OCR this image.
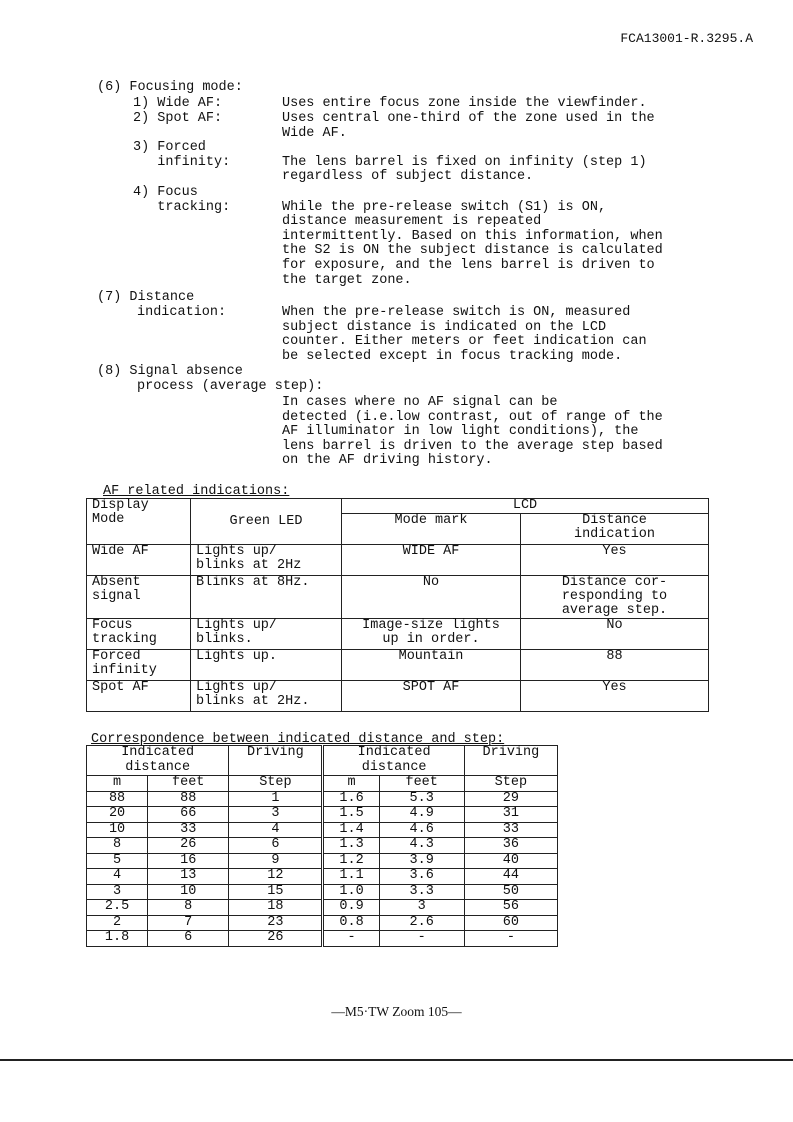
FCA13001-R.3295.A
(6) Focusing mode:
1) Wide AF:	Uses entire focus zone inside the viewfinder.
2) Spot AF:	Uses central one-third of the zone used in the
Wide AF.
3) Forced
infinity:	The lens barrel is fixed on infinity (step 1)
regardless of subject distance.
4) Focus
tracking:	While the pre-release switch (S1) is ON,
distance measurement is repeated
intermittently. Based on this information, when
the S2 is ON the subject distance is calculated
for exposure, and the lens barrel is driven to
the target zone.
(7) Distance
indication:	When the pre-release switch is ON, measured
subject distance is indicated on the LCD
counter. Either meters or feet indication can
be selected except in focus tracking mode.
(8) Signal absence
process (average step):
In cases where no AF signal can be
detected (i.e.low contrast, out of range of the
AF illuminator in low light conditions), the
lens barrel is driven to the average step based
on the AF driving history.
AF related indications:
Display
Mode	Green LED	LCD	
		Mode mark	Distance
indication
Wide AF	Lights up/
blinks at 2Hz	WIDE AF	Yes
Absent
signal	Blinks at 8Hz.	No	Distance cor-
responding to
average step.
Focus
tracking	Lights up/
blinks.	Image-size lights
up in order.	No
Forced
infinity	Lights up.	Mountain	88
Spot AF	Lights up/
blinks at 2Hz.	SPOT AF	Yes
Correspondence between indicated distance and step:
Indicated
distance		Driving	Indicated
distance		Driving
m	feet	Step	m	feet	Step
88	88	1	1.6	5.3	29
20	66	3	1.5	4.9	31
10	33	4	1.4	4.6	33
8	26	6	1.3	4.3	36
5	16	9	1.2	3.9	40
4	13	12	1.1	3.6	44
3	10	15	1.0	3.3	50
2.5	8	18	0.9	3	56
2	7	23	0.8	2.6	60
1.8	6	26	-	-	-
—M5·TW Zoom 105—
